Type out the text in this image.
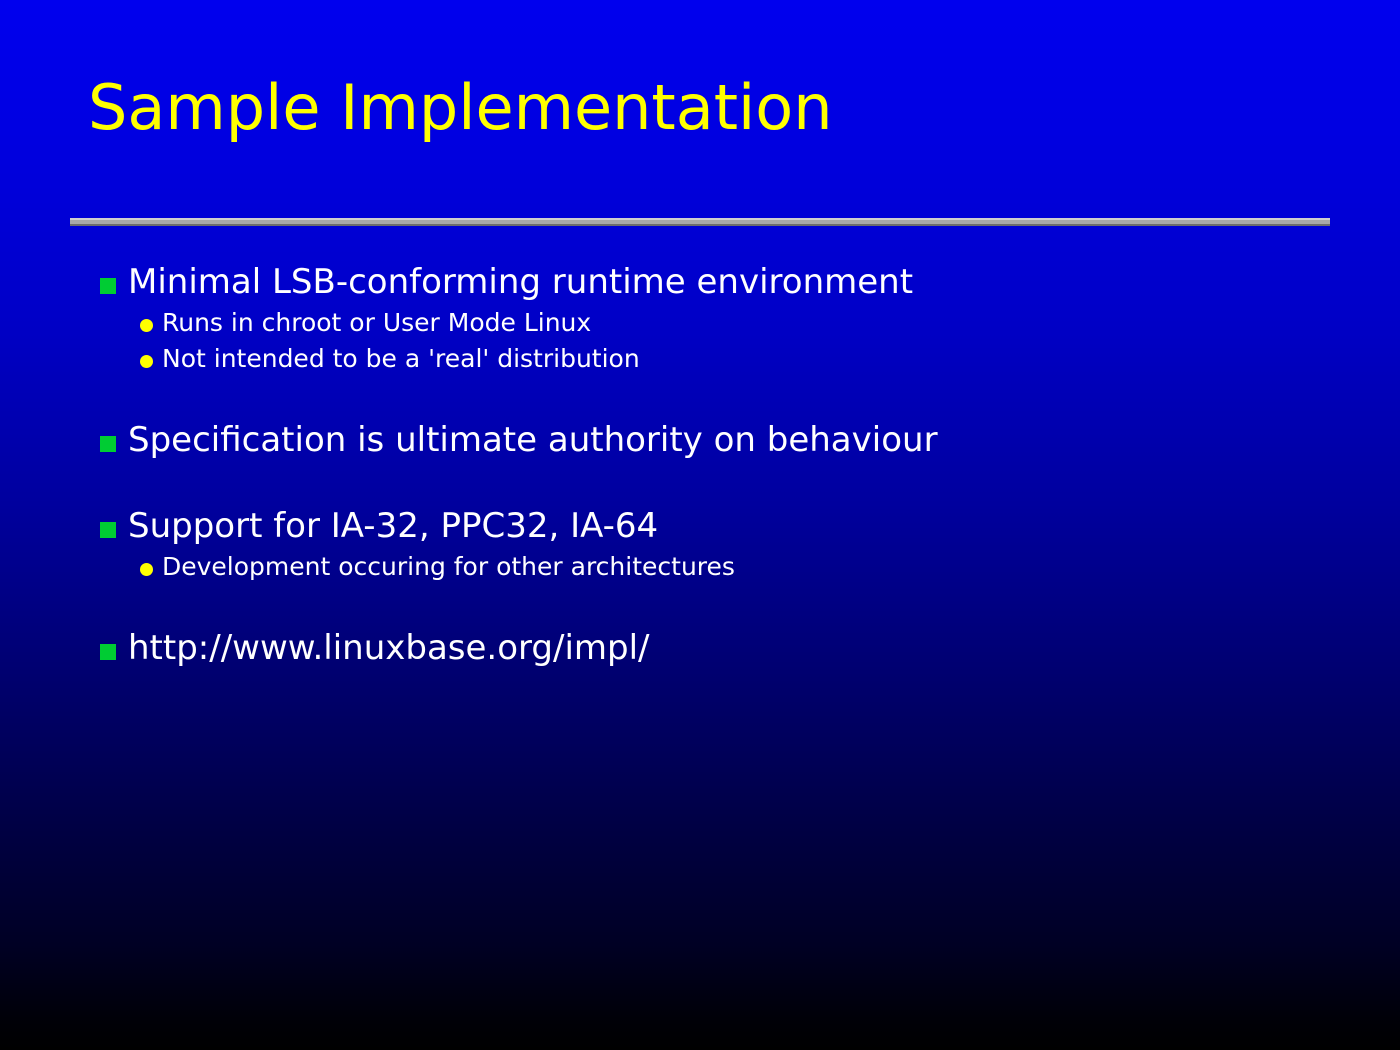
Sample Implementation
Minimal LSB-conforming runtime environment
Runs in chroot or User Mode Linux
Not intended to be a 'real' distribution
Specification is ultimate authority on behaviour
Support for IA-32, PPC32, IA-64
Development occuring for other architectures
http://www.linuxbase.org/impl/
